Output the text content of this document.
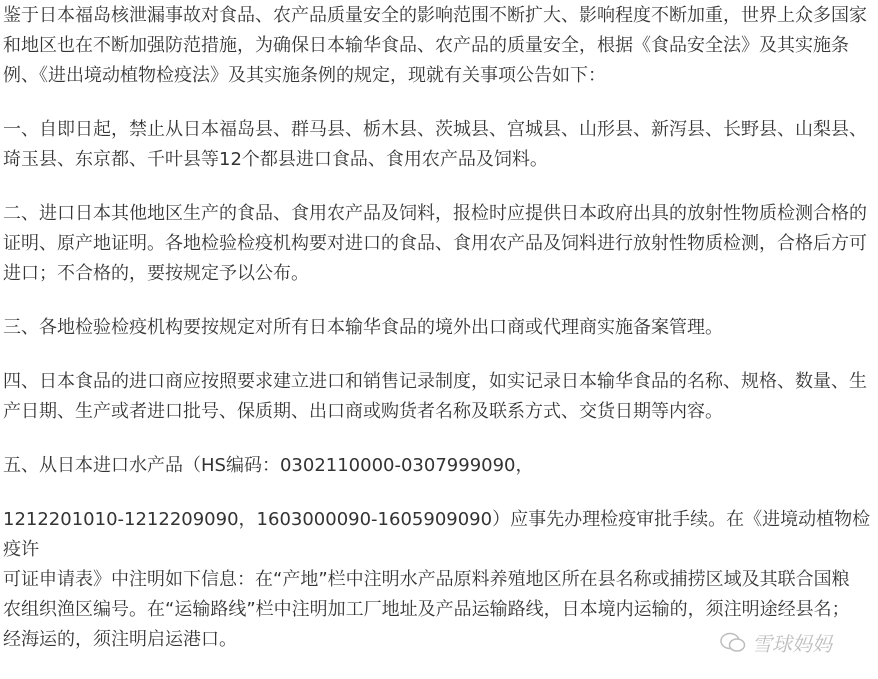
鉴于日本福岛核泄漏事故对食品、农产品质量安全的影响范围不断扩大、影响程度不断加重，世界上众多国家
和地区也在不断加强防范措施，为确保日本输华食品、农产品的质量安全，根据《食品安全法》及其实施条
例、《进出境动植物检疫法》及其实施条例的规定，现就有关事项公告如下：
一、自即日起，禁止从日本福岛县、群马县、栃木县、茨城县、宫城县、山形县、新泻县、长野县、山梨县、
琦玉县、东京都、千叶县等12个都县进口食品、食用农产品及饲料。
二、进口日本其他地区生产的食品、食用农产品及饲料，报检时应提供日本政府出具的放射性物质检测合格的
证明、原产地证明。各地检验检疫机构要对进口的食品、食用农产品及饲料进行放射性物质检测，合格后方可
进口；不合格的，要按规定予以公布。
三、各地检验检疫机构要按规定对所有日本输华食品的境外出口商或代理商实施备案管理。
四、日本食品的进口商应按照要求建立进口和销售记录制度，如实记录日本输华食品的名称、规格、数量、生
产日期、生产或者进口批号、保质期、出口商或购货者名称及联系方式、交货日期等内容。
五、从日本进口水产品（HS编码：0302110000-0307999090，
1212201010-1212209090，1603000090-1605909090）应事先办理检疫审批手续。在《进境动植物检疫许
可证申请表》中注明如下信息：在“产地”栏中注明水产品原料养殖地区所在县名称或捕捞区域及其联合国粮
农组织渔区编号。在“运输路线”栏中注明加工厂地址及产品运输路线，日本境内运输的，须注明途经县名；
经海运的，须注明启运港口。	雪球妈妈
